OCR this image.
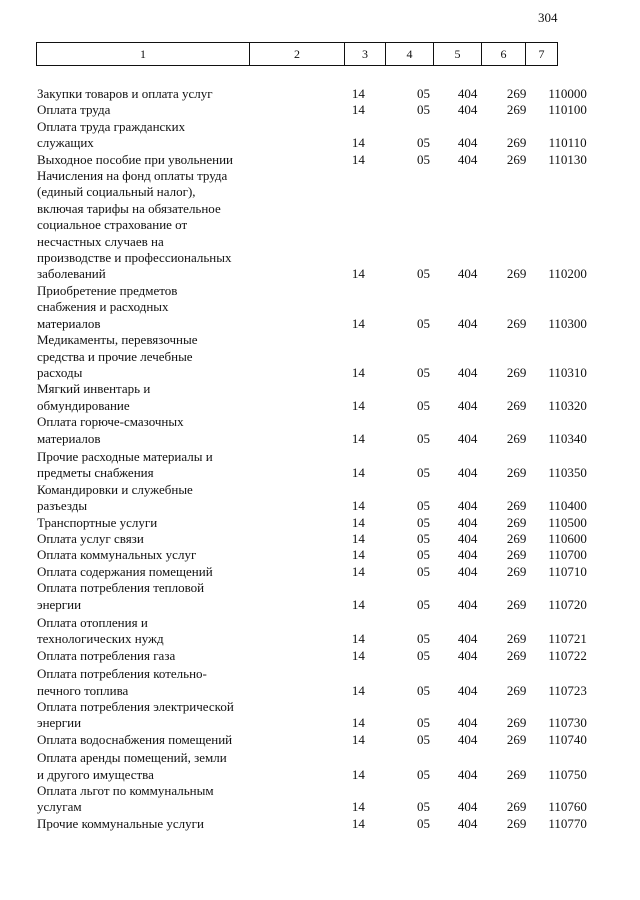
304
1	2	3	4	5	6	7
Закупки товаров и оплата услуг	14	05	404	269	110000
Оплата труда	14	05	404	269	110100
Оплата труда гражданских
служащих	14	05	404	269	110110
Выходное пособие при увольнении	14	05	404	269	110130
Начисления на фонд оплаты труда
(единый социальный налог),
включая тарифы на обязательное
социальное страхование от
несчастных случаев на
производстве и профессиональных
заболеваний	14	05	404	269	110200
Приобретение предметов
снабжения и расходных
материалов	14	05	404	269	110300
Медикаменты, перевязочные
средства и прочие лечебные
расходы	14	05	404	269	110310
Мягкий инвентарь и
обмундирование	14	05	404	269	110320
Оплата горюче-смазочных
материалов	14	05	404	269	110340
Прочие расходные материалы и
предметы снабжения	14	05	404	269	110350
Командировки и служебные
разъезды	14	05	404	269	110400
Транспортные услуги	14	05	404	269	110500
Оплата услуг связи	14	05	404	269	110600
Оплата коммунальных услуг	14	05	404	269	110700
Оплата содержания помещений	14	05	404	269	110710
Оплата потребления тепловой
энергии	14	05	404	269	110720
Оплата отопления и
технологических нужд	14	05	404	269	110721
Оплата потребления газа	14	05	404	269	110722
Оплата потребления котельно-
печного топлива	14	05	404	269	110723
Оплата потребления электрической
энергии	14	05	404	269	110730
Оплата водоснабжения помещений	14	05	404	269	110740
Оплата аренды помещений, земли
и другого имущества	14	05	404	269	110750
Оплата льгот по коммунальным
услугам	14	05	404	269	110760
Прочие коммунальные услуги	14	05	404	269	110770
